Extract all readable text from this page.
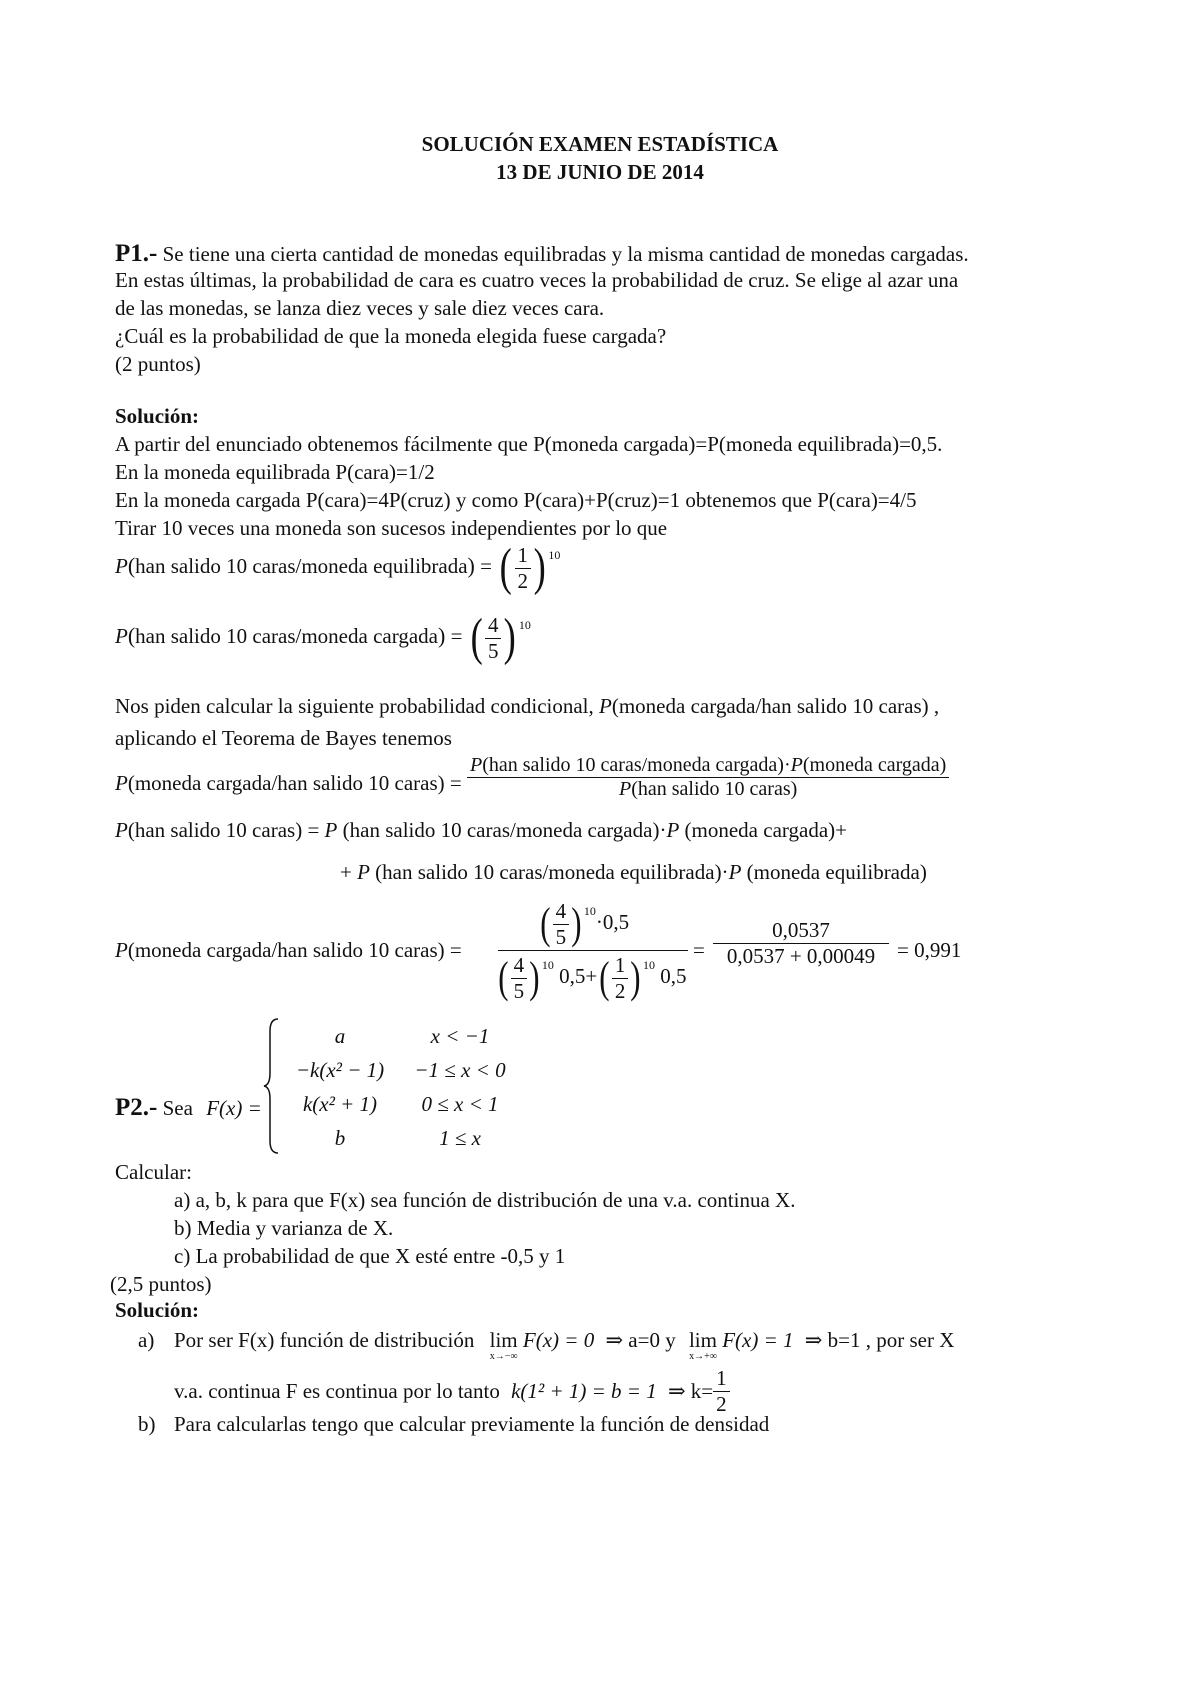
SOLUCIÓN EXAMEN ESTADÍSTICA
13 DE JUNIO DE 2014
P1.- Se tiene una cierta cantidad de monedas equilibradas y la misma cantidad de monedas cargadas.
En estas últimas, la probabilidad de cara es cuatro veces la probabilidad de cruz. Se elige al azar una
de las monedas, se lanza diez veces y sale diez veces cara.
¿Cuál es la probabilidad de que la moneda elegida fuese cargada?
(2 puntos)
Solución:
A partir del enunciado obtenemos fácilmente que P(moneda cargada)=P(moneda equilibrada)=0,5.
En la moneda equilibrada P(cara)=1/2
En la moneda cargada P(cara)=4P(cruz) y como P(cara)+P(cruz)=1 obtenemos que P(cara)=4/5
Tirar 10 veces una moneda son sucesos independientes por lo que
P(han salido 10 caras/moneda equilibrada) = ( $\frac{1}{2}$ ) $^{10}$
P(han salido 10 caras/moneda cargada) = ( $\frac{4}{5}$ ) $^{10}$
Nos piden calcular la siguiente probabilidad condicional, P(moneda cargada/han salido 10 caras) ,
aplicando el Teorema de Bayes tenemos
P(moneda cargada/han salido 10 caras) = $\frac{\text{P(han salido 10 caras/moneda cargada)·P(moneda cargada)}}{\text{P(han salido 10 caras)}}$
P(han salido 10 caras) = P (han salido 10 caras/moneda cargada)·P (moneda cargada)+
+ P (han salido 10 caras/moneda equilibrada)·P (moneda equilibrada)
P(moneda cargada/han salido 10 caras) =
( $\frac{4}{5}$ ) $^{10}$·0,5
( $\frac{4}{5}$ ) $^{10}$ $0,5+( \frac{1}{2}$ ) $^{10}$ 0,5
=
0,0537
0,0537 + 0,00049	= 0,991
P2.- Sea F(x) =
a	x < −1
−k(x² − 1)	−1 ≤ x < 0
k(x² + 1)	0 ≤ x < 1
b	1 ≤ x
Calcular:
a) a, b, k para que F(x) sea función de distribución de una v.a. continua X.
b) Media y varianza de X.
c) La probabilidad de que X esté entre -0,5 y 1
(2,5 puntos)
Solución:
a) Por ser F(x) función de distribución lim
x→−∞
F(x) = 0 ⇒ a=0 y lim
x→+∞
F(x) = 1 ⇒ b=1 , por ser X
v.a. continua F es continua por lo tanto k(1² + 1) = b = 1 ⇒ $k= \frac{1}{2}$
b) Para calcularlas tengo que calcular previamente la función de densidad
